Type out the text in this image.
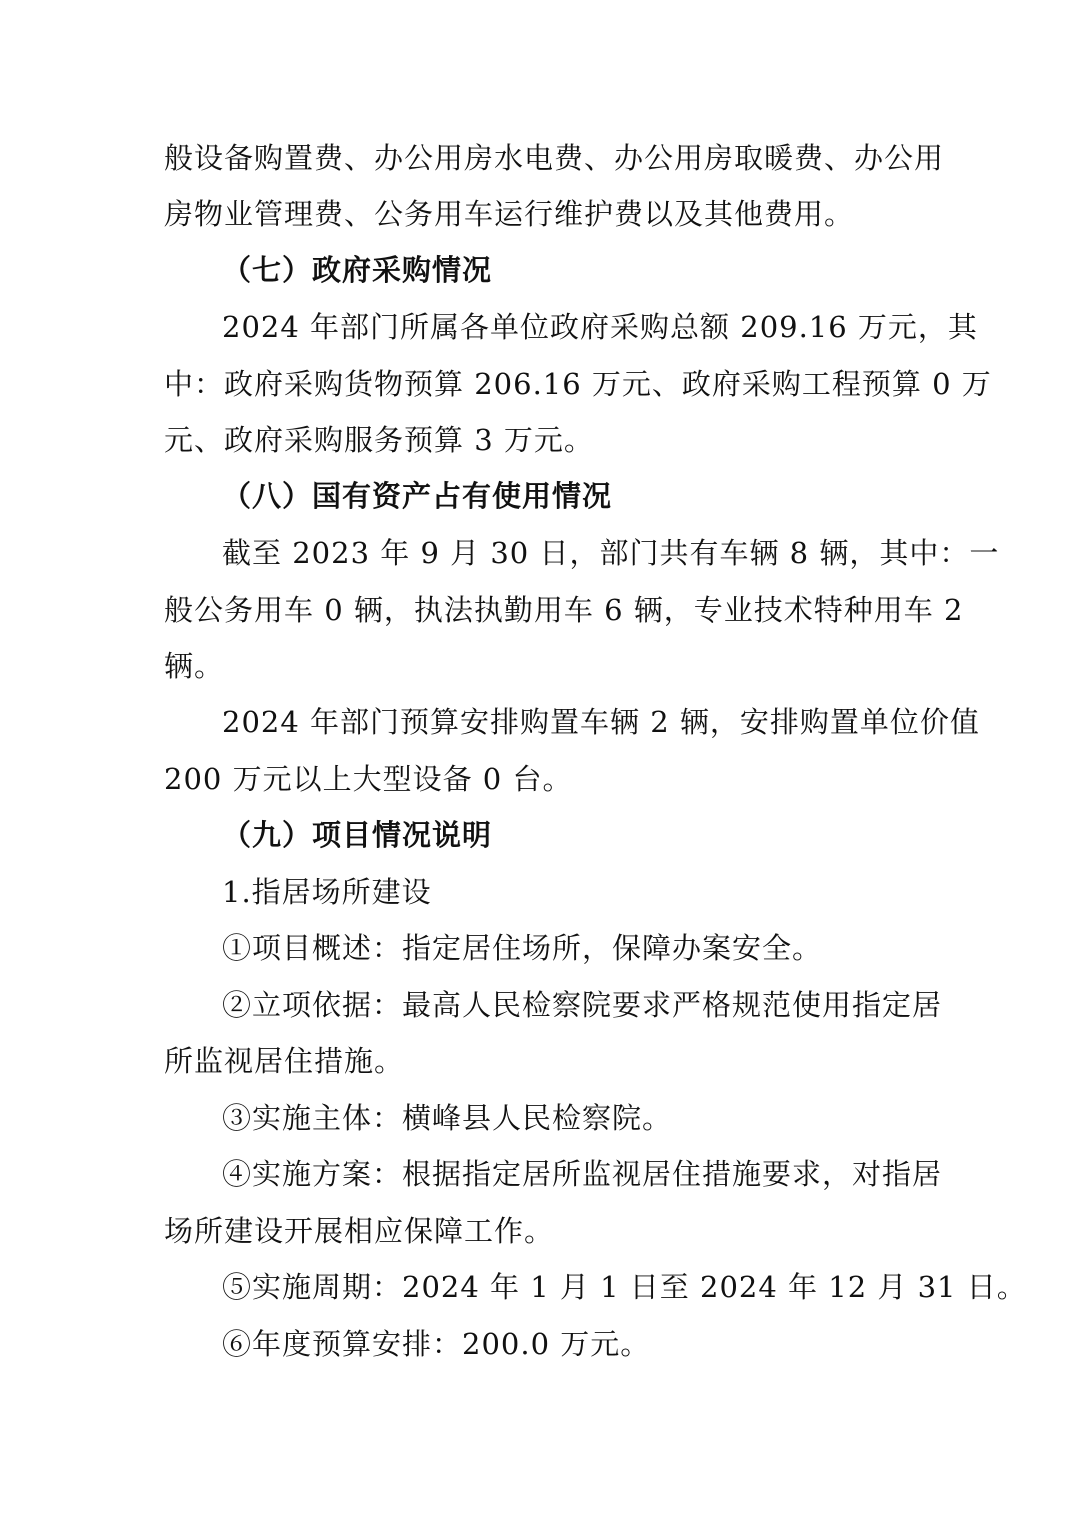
般设备购置费、办公用房水电费、办公用房取暖费、办公用
房物业管理费、公务用车运行维护费以及其他费用。
（七）政府采购情况
2024 年部门所属各单位政府采购总额 209.16 万元，其
中：政府采购货物预算 206.16 万元、政府采购工程预算 0 万
元、政府采购服务预算 3 万元。
（八）国有资产占有使用情况
截至 2023 年 9 月 30 日，部门共有车辆 8 辆，其中：一
般公务用车 0 辆，执法执勤用车 6 辆，专业技术特种用车 2
辆。
2024 年部门预算安排购置车辆 2 辆，安排购置单位价值
200 万元以上大型设备 0 台。
（九）项目情况说明
1.指居场所建设
①项目概述：指定居住场所，保障办案安全。
②立项依据：最高人民检察院要求严格规范使用指定居
所监视居住措施。
③实施主体：横峰县人民检察院。
④实施方案：根据指定居所监视居住措施要求，对指居
场所建设开展相应保障工作。
⑤实施周期：2024 年 1 月 1 日至 2024 年 12 月 31 日。
⑥年度预算安排：200.0 万元。
